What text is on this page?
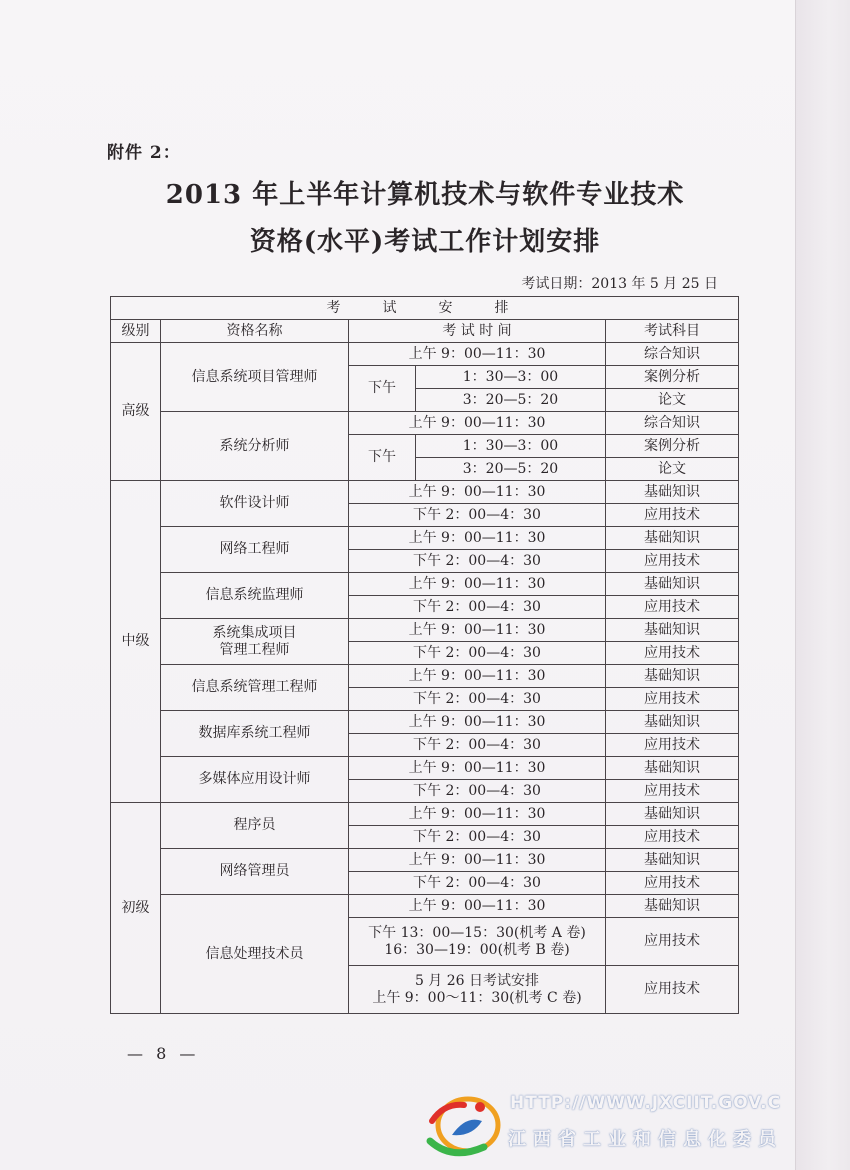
附件 2：
2013 年上半年计算机技术与软件专业技术
资格(水平)考试工作计划安排
考试日期：2013 年 5 月 25 日
考　试　安　排				
级别	资格名称	考 试 时 间		考试科目
高级	信息系统项目管理师	上午 9：00—11：30		综合知识
		下午	1：30—3：00	案例分析
			3：20—5：20	论文
	系统分析师	上午 9：00—11：30		综合知识
		下午	1：30—3：00	案例分析
			3：20—5：20	论文
中级	软件设计师	上午 9：00—11：30		基础知识
		下午 2：00—4：30		应用技术
	网络工程师	上午 9：00—11：30		基础知识
		下午 2：00—4：30		应用技术
	信息系统监理师	上午 9：00—11：30		基础知识
		下午 2：00—4：30		应用技术
	系统集成项目
管理工程师	上午 9：00—11：30		基础知识
		下午 2：00—4：30		应用技术
	信息系统管理工程师	上午 9：00—11：30		基础知识
		下午 2：00—4：30		应用技术
	数据库系统工程师	上午 9：00—11：30		基础知识
		下午 2：00—4：30		应用技术
	多媒体应用设计师	上午 9：00—11：30		基础知识
		下午 2：00—4：30		应用技术
初级	程序员	上午 9：00—11：30		基础知识
		下午 2：00—4：30		应用技术
	网络管理员	上午 9：00—11：30		基础知识
		下午 2：00—4：30		应用技术
	信息处理技术员	上午 9：00—11：30		基础知识
		下午 13：00—15：30(机考 A 卷)
16：30—19：00(机考 B 卷)		应用技术
		5 月 26 日考试安排
上午 9：00～11：30(机考 C 卷)		应用技术
— 8 —
HTTP://WWW.JXCIIT.GOV.C
江西省工业和信息化委员
